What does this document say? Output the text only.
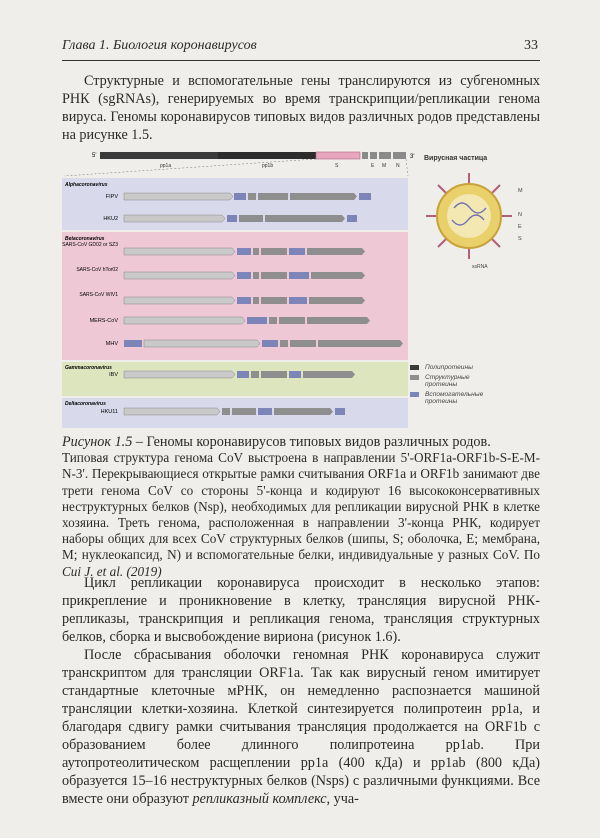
Глава 1. Биология коронавирусов	33

Структурные и вспомогательные гены транслируются из субгеномных РНК (sgRNAs), генерируемых во время транскрипции/репликации генома вируса. Геномы коронавирусов типовых видов различных родов представлены на рисунке 1.5.

5'	3'
pp1a	pp1b	S	E M N
Alphacoronavirus
Betacoronavirus
Gammacoronavirus
Deltacoronavirus
FIPV
HKU2
SARS-CoV GD02 or SZ3
SARS-CoV hTor02
SARS-CoV WIV1
MERS-CoV
MHV
IBV
HKU11
Вирусная частица
M
N
E
S
ssRNA
Полипротеины
Структурные протеины
Вспомогательные протеины

Рисунок 1.5 – Геномы коронавирусов типовых видов различных родов.
Типовая структура генома CoV выстроена в направлении 5'-ORF1a-ORF1b-S-E-M-N-3'. Перекрывающиеся открытые рамки считывания ORF1a и ORF1b занимают две трети генома CoV со стороны 5'-конца и кодируют 16 высококонсервативных неструктурных белков (Nsp), необходимых для репликации вирусной РНК в клетке хозяина. Треть генома, расположенная в направлении 3'-конца РНК, кодирует наборы общих для всех CoV структурных белков (шипы, S; оболочка, E; мембрана, M; нуклеокапсид, N) и вспомогательные белки, индивидуальные у разных CoV. По Cui J. et al. (2019)

Цикл репликации коронавируса происходит в несколько этапов: прикрепление и проникновение в клетку, трансляция вирусной РНК-репликазы, транскрипция и репликация генома, трансляция структурных белков, сборка и высвобождение вириона (рисунок 1.6).

После сбрасывания оболочки геномная РНК коронавируса служит транскриптом для трансляции ORF1a. Так как вирусный геном имитирует стандартные клеточные мРНК, он немедленно распознается машиной трансляции клетки-хозяина. Клеткой синтезируется полипротеин pp1a, и благодаря сдвигу рамки считывания трансляция продолжается на ORF1b с образованием более длинного полипротеина pp1ab. При аутопротеолитическом расщеплении pp1a (400 кДа) и pp1ab (800 кДа) образуется 15–16 неструктурных белков (Nsps) с различными функциями. Все вместе они образуют репликазный комплекс, уча-
